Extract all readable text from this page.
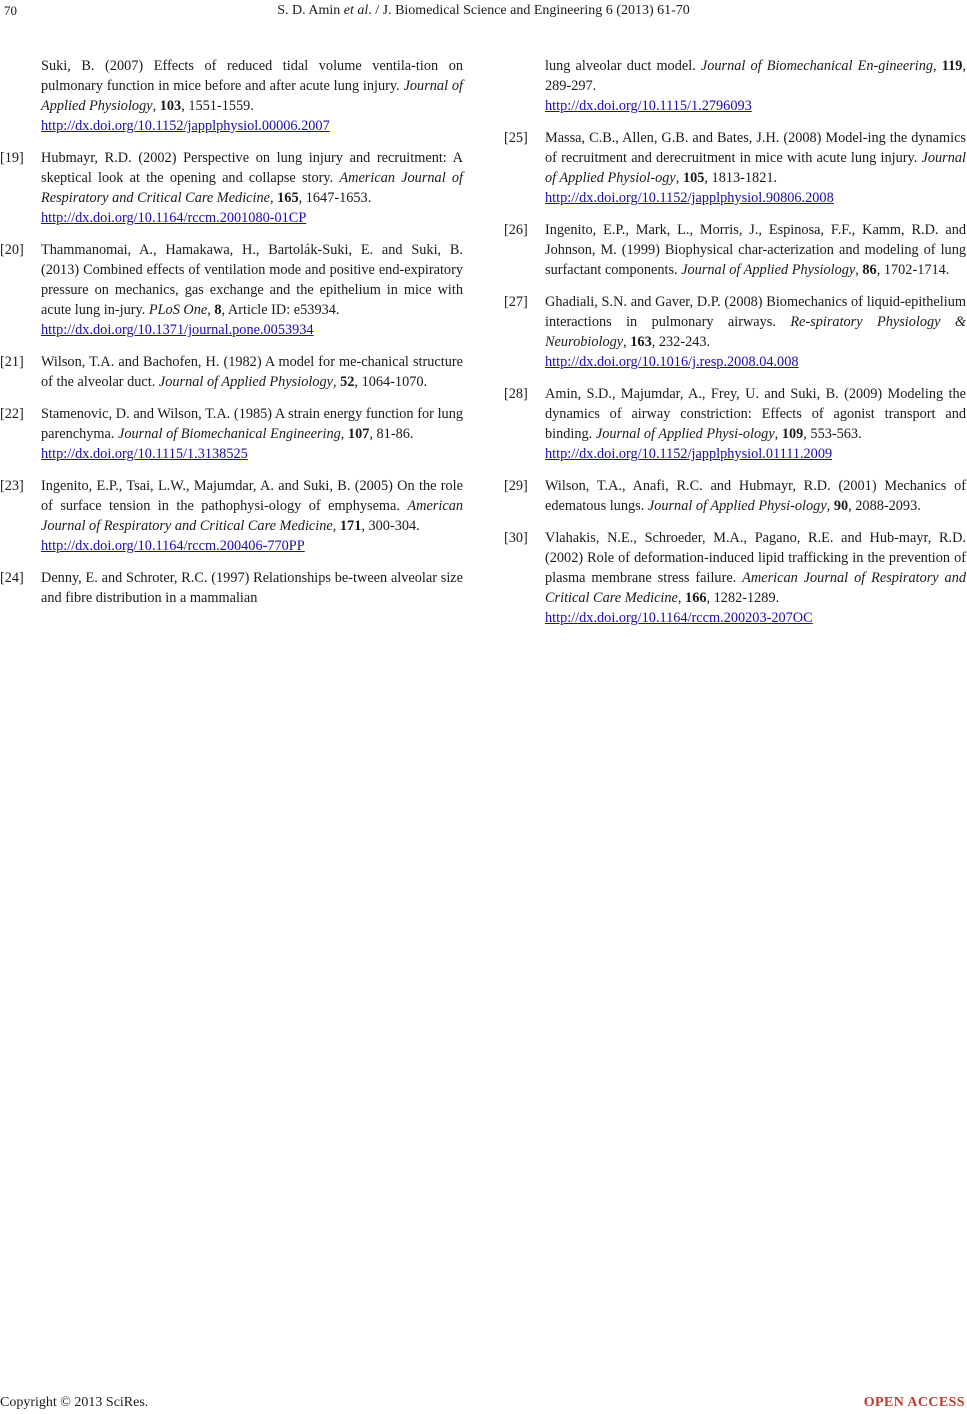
70	S. D. Amin et al. / J. Biomedical Science and Engineering 6 (2013) 61-70
Suki, B. (2007) Effects of reduced tidal volume ventila-tion on pulmonary function in mice before and after acute lung injury. Journal of Applied Physiology, 103, 1551-1559.
http://dx.doi.org/10.1152/japplphysiol.00006.2007
[19]	Hubmayr, R.D. (2002) Perspective on lung injury and recruitment: A skeptical look at the opening and collapse story. American Journal of Respiratory and Critical Care Medicine, 165, 1647-1653.
http://dx.doi.org/10.1164/rccm.2001080-01CP
[20]	Thammanomai, A., Hamakawa, H., Bartolák-Suki, E. and Suki, B. (2013) Combined effects of ventilation mode and positive end-expiratory pressure on mechanics, gas exchange and the epithelium in mice with acute lung in-jury. PLoS One, 8, Article ID: e53934.
http://dx.doi.org/10.1371/journal.pone.0053934
[21]	Wilson, T.A. and Bachofen, H. (1982) A model for me-chanical structure of the alveolar duct. Journal of Applied Physiology, 52, 1064-1070.
[22]	Stamenovic, D. and Wilson, T.A. (1985) A strain energy function for lung parenchyma. Journal of Biomechanical Engineering, 107, 81-86.
http://dx.doi.org/10.1115/1.3138525
[23]	Ingenito, E.P., Tsai, L.W., Majumdar, A. and Suki, B. (2005) On the role of surface tension in the pathophysi-ology of emphysema. American Journal of Respiratory and Critical Care Medicine, 171, 300-304.
http://dx.doi.org/10.1164/rccm.200406-770PP
[24]	Denny, E. and Schroter, R.C. (1997) Relationships be-tween alveolar size and fibre distribution in a mammalian
lung alveolar duct model. Journal of Biomechanical En-gineering, 119, 289-297.
http://dx.doi.org/10.1115/1.2796093
[25]	Massa, C.B., Allen, G.B. and Bates, J.H. (2008) Model-ing the dynamics of recruitment and derecruitment in mice with acute lung injury. Journal of Applied Physiol-ogy, 105, 1813-1821.
http://dx.doi.org/10.1152/japplphysiol.90806.2008
[26]	Ingenito, E.P., Mark, L., Morris, J., Espinosa, F.F., Kamm, R.D. and Johnson, M. (1999) Biophysical char-acterization and modeling of lung surfactant components. Journal of Applied Physiology, 86, 1702-1714.
[27]	Ghadiali, S.N. and Gaver, D.P. (2008) Biomechanics of liquid-epithelium interactions in pulmonary airways. Re-spiratory Physiology & Neurobiology, 163, 232-243.
http://dx.doi.org/10.1016/j.resp.2008.04.008
[28]	Amin, S.D., Majumdar, A., Frey, U. and Suki, B. (2009) Modeling the dynamics of airway constriction: Effects of agonist transport and binding. Journal of Applied Physi-ology, 109, 553-563.
http://dx.doi.org/10.1152/japplphysiol.01111.2009
[29]	Wilson, T.A., Anafi, R.C. and Hubmayr, R.D. (2001) Mechanics of edematous lungs. Journal of Applied Physi-ology, 90, 2088-2093.
[30]	Vlahakis, N.E., Schroeder, M.A., Pagano, R.E. and Hub-mayr, R.D. (2002) Role of deformation-induced lipid trafficking in the prevention of plasma membrane stress failure. American Journal of Respiratory and Critical Care Medicine, 166, 1282-1289.
http://dx.doi.org/10.1164/rccm.200203-207OC
Copyright © 2013 SciRes.	OPEN ACCESS
